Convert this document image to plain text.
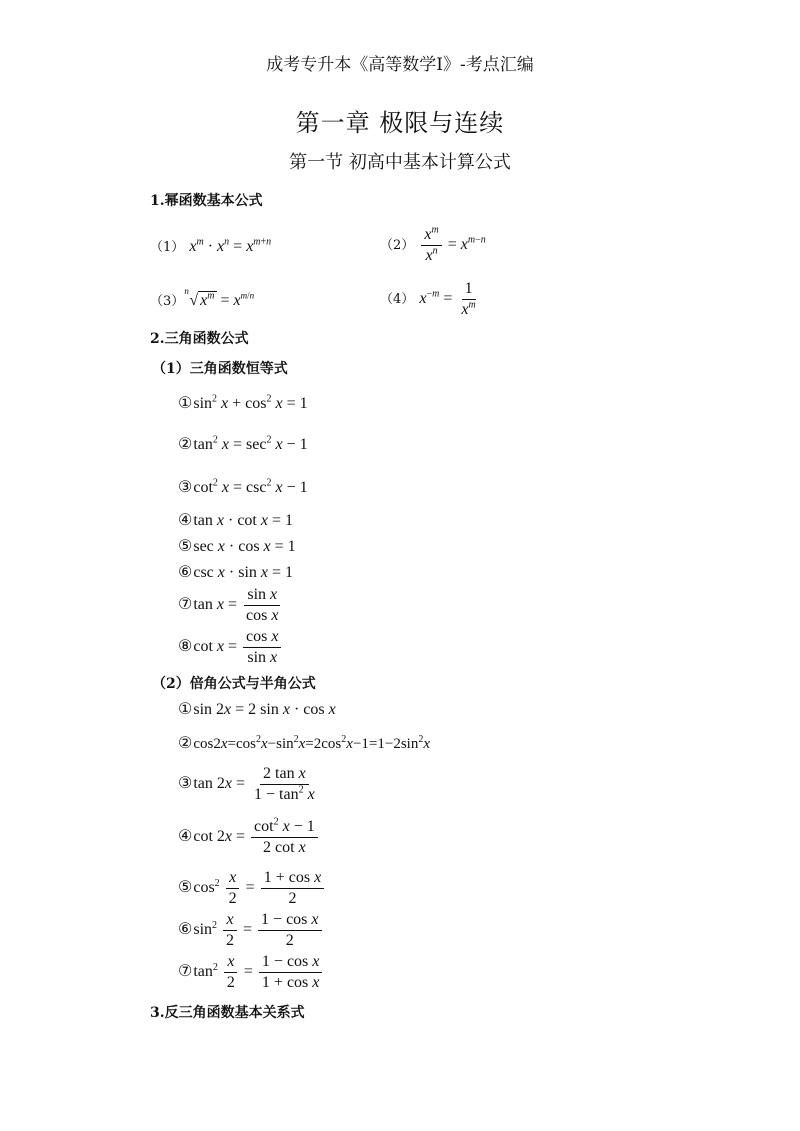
成考专升本《高等数学Ⅰ》-考点汇编
第一章 极限与连续
第一节 初高中基本计算公式
1.幂函数基本公式
（1） $x^m \cdot x^n = x^{m+n}$	$(2) \frac{x^m}{x^n} = x^{m-n}$
（3）
n
√ $x^m = x^{m/n}$	（4） $x^{-m} = \frac{1}{x^m}$
2.三角函数公式
（1）三角函数恒等式
$①\sin^2$ $x + \cos^2 x = 1$
$②\tan^2$ $x = \sec^2 x - 1$
$③\cot^2$ $x = \csc^2 x - 1$
④tan x · cot x = 1
⑤sec x · cos x = 1
⑥csc x · sin x = 1
⑦tan $x = \frac{\text{sin x}}{\text{cos x}}$
⑧cot $x = \frac{\text{cos x}}{\text{sin x}}$
（2）倍角公式与半角公式
①sin 2x = 2 sin x · cos x
$②\cos 2x=\cos^2x-\sin^2x=2\cos^2x-1=1-2\sin^2x$
③tan $2x = \frac{\text{2 tan x}}{1 - \tan^2 x}$
④cot $2x = \frac{\cot^2 x - 1}{\text{2 cot x}}$
$⑤\cos^2 \frac{x}{2} = \frac{\text{1 + cos x}}{2}$
$⑥\sin^2 \frac{x}{2} = \frac{\text{1 − cos x}}{2}$
$⑦\tan^2 \frac{x}{2} = \frac{\text{1 − cos x}}{\text{1 + cos x}}$
3.反三角函数基本关系式
